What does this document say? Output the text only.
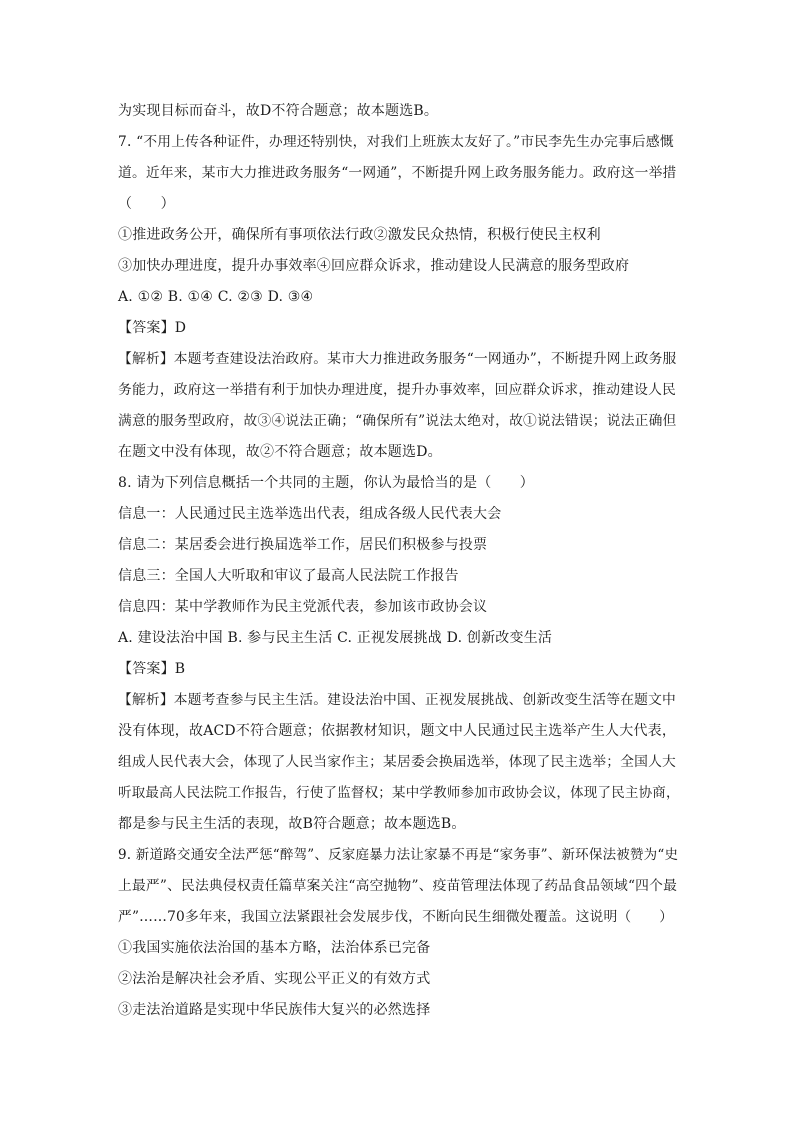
为实现目标而奋斗，故D不符合题意；故本题选B。
7. “不用上传各种证件，办理还特别快，对我们上班族太友好了。”市民李先生办完事后感慨
道。近年来，某市大力推进政务服务“一网通”，不断提升网上政务服务能力。政府这一举措
（　　）
①推进政务公开，确保所有事项依法行政②激发民众热情，积极行使民主权利
③加快办理进度，提升办事效率④回应群众诉求，推动建设人民满意的服务型政府
A. ①② B. ①④ C. ②③ D. ③④
【答案】D
【解析】本题考查建设法治政府。某市大力推进政务服务“一网通办”，不断提升网上政务服
务能力，政府这一举措有利于加快办理进度，提升办事效率，回应群众诉求，推动建设人民
满意的服务型政府，故③④说法正确；“确保所有”说法太绝对，故①说法错误；说法正确但
在题文中没有体现，故②不符合题意；故本题选D。
8. 请为下列信息概括一个共同的主题，你认为最恰当的是（　　）
信息一：人民通过民主选举选出代表，组成各级人民代表大会
信息二：某居委会进行换届选举工作，居民们积极参与投票
信息三：全国人大听取和审议了最高人民法院工作报告
信息四：某中学教师作为民主党派代表，参加该市政协会议
A. 建设法治中国 B. 参与民主生活 C. 正视发展挑战 D. 创新改变生活
【答案】B
【解析】本题考查参与民主生活。建设法治中国、正视发展挑战、创新改变生活等在题文中
没有体现，故ACD不符合题意；依据教材知识，题文中人民通过民主选举产生人大代表，
组成人民代表大会，体现了人民当家作主；某居委会换届选举，体现了民主选举；全国人大
听取最高人民法院工作报告，行使了监督权；某中学教师参加市政协会议，体现了民主协商，
都是参与民主生活的表现，故B符合题意；故本题选B。
9. 新道路交通安全法严惩“醉驾”、反家庭暴力法让家暴不再是“家务事”、新环保法被赞为“史
上最严”、民法典侵权责任篇草案关注“高空抛物”、疫苗管理法体现了药品食品领域“四个最
严”……70多年来，我国立法紧跟社会发展步伐，不断向民生细微处覆盖。这说明（　　）
①我国实施依法治国的基本方略，法治体系已完备
②法治是解决社会矛盾、实现公平正义的有效方式
③走法治道路是实现中华民族伟大复兴的必然选择
